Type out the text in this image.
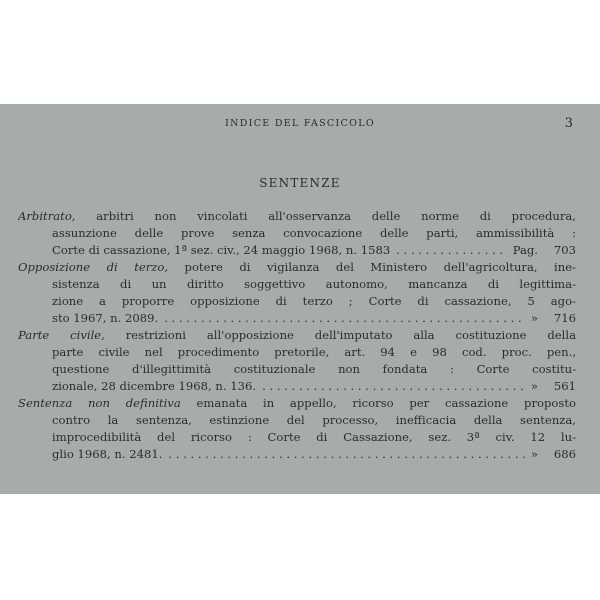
INDICE DEL FASCICOLO	3
SENTENZE
Arbitrato, arbitri non vincolati all'osservanza delle norme di procedura,
assunzione delle prove senza convocazione delle parti, ammissibilità :
Corte di cassazione, 1ª sez. civ., 24 maggio 1968, n. 1583 . . .	Pag.	703
Opposizione di terzo, potere di vigilanza del Ministero dell'agricoltura, ine-
sistenza di un diritto soggettivo autonomo, mancanza di legittima-
zione a proporre opposizione di terzo ; Corte di cassazione, 5 ago-
sto 1967, n. 2089. . . .	»	716
Parte civile, restrizioni all'opposizione dell'imputato alla costituzione della
parte civile nel procedimento pretorile, art. 94 e 98 cod. proc. pen.,
questione d'illegittimità costituzionale non fondata : Corte costitu-
zionale, 28 dicembre 1968, n. 136. . . .	»	561
Sentenza non definitiva emanata in appello, ricorso per cassazione proposto
contro la sentenza, estinzione del processo, inefficacia della sentenza,
improcedibilità del ricorso : Corte di Cassazione, sez. 3ª civ. 12 lu-
glio 1968, n. 2481. . . .	»	686
